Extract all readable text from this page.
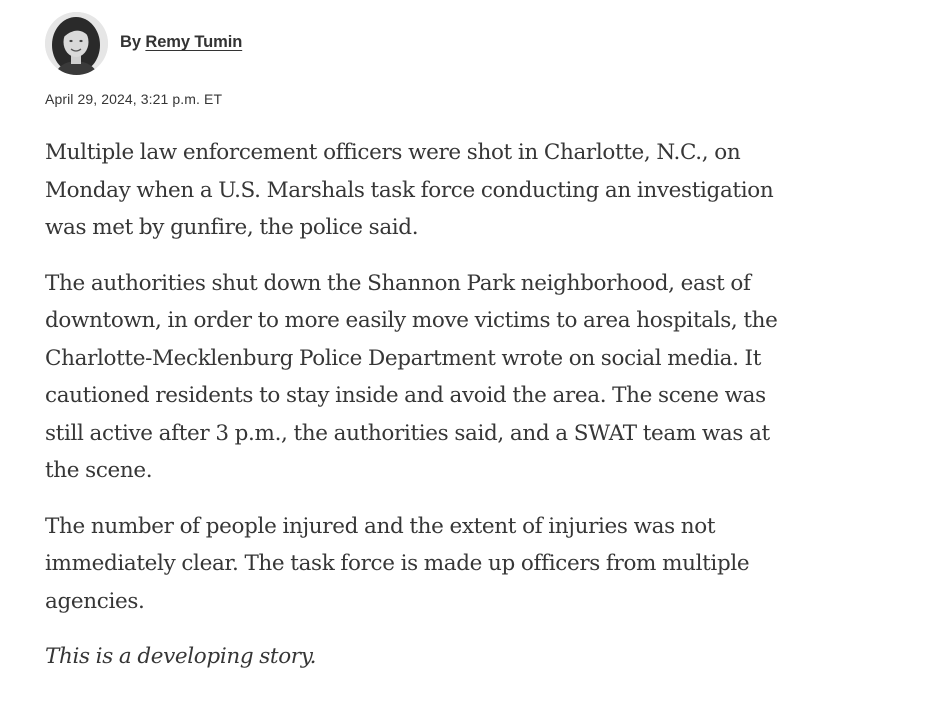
By Remy Tumin
April 29, 2024, 3:21 p.m. ET

Multiple law enforcement officers were shot in Charlotte, N.C., on Monday when a U.S. Marshals task force conducting an investigation was met by gunfire, the police said.

The authorities shut down the Shannon Park neighborhood, east of downtown, in order to more easily move victims to area hospitals, the Charlotte-Mecklenburg Police Department wrote on social media. It cautioned residents to stay inside and avoid the area. The scene was still active after 3 p.m., the authorities said, and a SWAT team was at the scene.

The number of people injured and the extent of injuries was not immediately clear. The task force is made up officers from multiple agencies.

This is a developing story.
